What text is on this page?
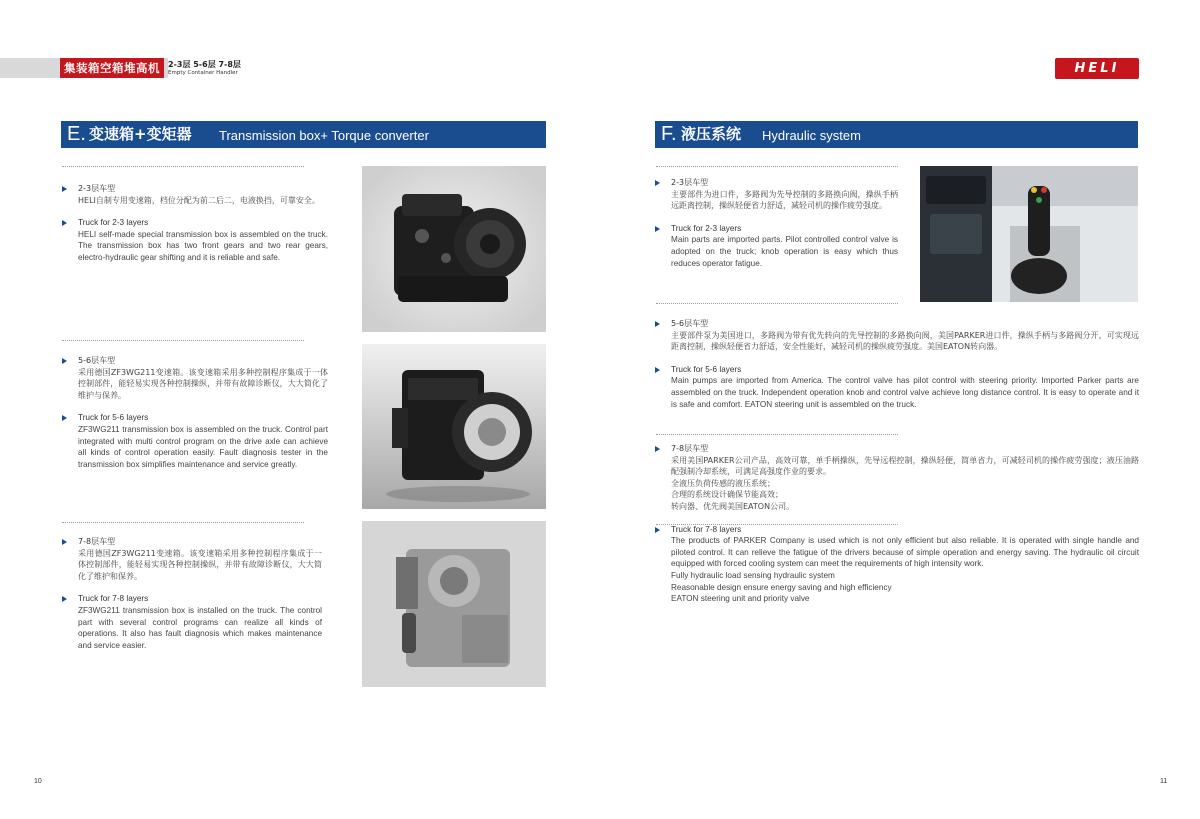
集装箱空箱堆高机	2-3层 5-6层 7-8层
Empty Container Handler	HELI
E. 变速箱+变矩器 Transmission box+ Torque converter	F. 液压系统 Hydraulic system
2-3层车型
HELI自制专用变速箱，档位分配为前二后二，电液换挡，可靠安全。
Truck for 2-3 layers
HELI self-made special transmission box is assembled on the truck. The transmission box has two front gears and two rear gears, electro-hydraulic gear shifting and it is reliable and safe.
5-6层车型
采用德国ZF3WG211变速箱。该变速箱采用多种控制程序集成于一体控制部件，能轻易实现各种控制操纵，并带有故障诊断仪，大大简化了维护与保养。
Truck for 5-6 layers
ZF3WG211 transmission box is assembled on the truck. Control part integrated with multi control program on the drive axle can achieve all kinds of control operation easily. Fault diagnosis tester in the transmission box simplifies maintenance and service greatly.
7-8层车型
采用德国ZF3WG211变速箱。该变速箱采用多种控制程序集成于一体控制部件，能轻易实现各种控制操纵，并带有故障诊断仪，大大简化了维护和保养。
Truck for 7-8 layers
ZF3WG211 transmission box is installed on the truck. The control part with several control programs can realize all kinds of operations. It also has fault diagnosis which makes maintenance and service easier.
2-3层车型
主要部件为进口件，多路阀为先导控制的多路换向阀，操纵手柄远距离控制，操纵轻便省力舒适，减轻司机的操作疲劳强度。
Truck for 2-3 layers
Main parts are imported parts. Pilot controlled control valve is adopted on the truck; knob operation is easy which thus reduces operator fatigue.
5-6层车型
主要部件泵为美国进口，多路阀为带有优先转向的先导控制的多路换向阀，美国PARKER进口件，操纵手柄与多路阀分开，可实现远距离控制，操纵轻便省力舒适，安全性能好，减轻司机的操纵疲劳强度。美国EATON转向器。
Truck for 5-6 layers
Main pumps are imported from America. The control valve has pilot control with steering priority. Imported Parker parts are assembled on the truck. Independent operation knob and control valve achieve long distance control. It is easy to operate and it is safe and comfort. EATON steering unit is assembled on the truck.
7-8层车型
采用美国PARKER公司产品，高效可靠，单手柄操纵，先导远程控制，操纵轻便，简单省力，可减轻司机的操作疲劳强度；液压油路配强制冷却系统，可满足高强度作业的要求。
全液压负荷传感的液压系统；
合理的系统设计确保节能高效；
转向器、优先阀美国EATON公司。
Truck for 7-8 layers
The products of PARKER Company is used which is not only efficient but also reliable. It is operated with single handle and piloted control. It can relieve the fatigue of the drivers because of simple operation and energy saving. The hydraulic oil circuit equipped with forced cooling system can meet the requirements of high intensity work.
Fully hydraulic load sensing hydraulic system
Reasonable design ensure energy saving and high efficiency
EATON steering unit and priority valve
10	11
